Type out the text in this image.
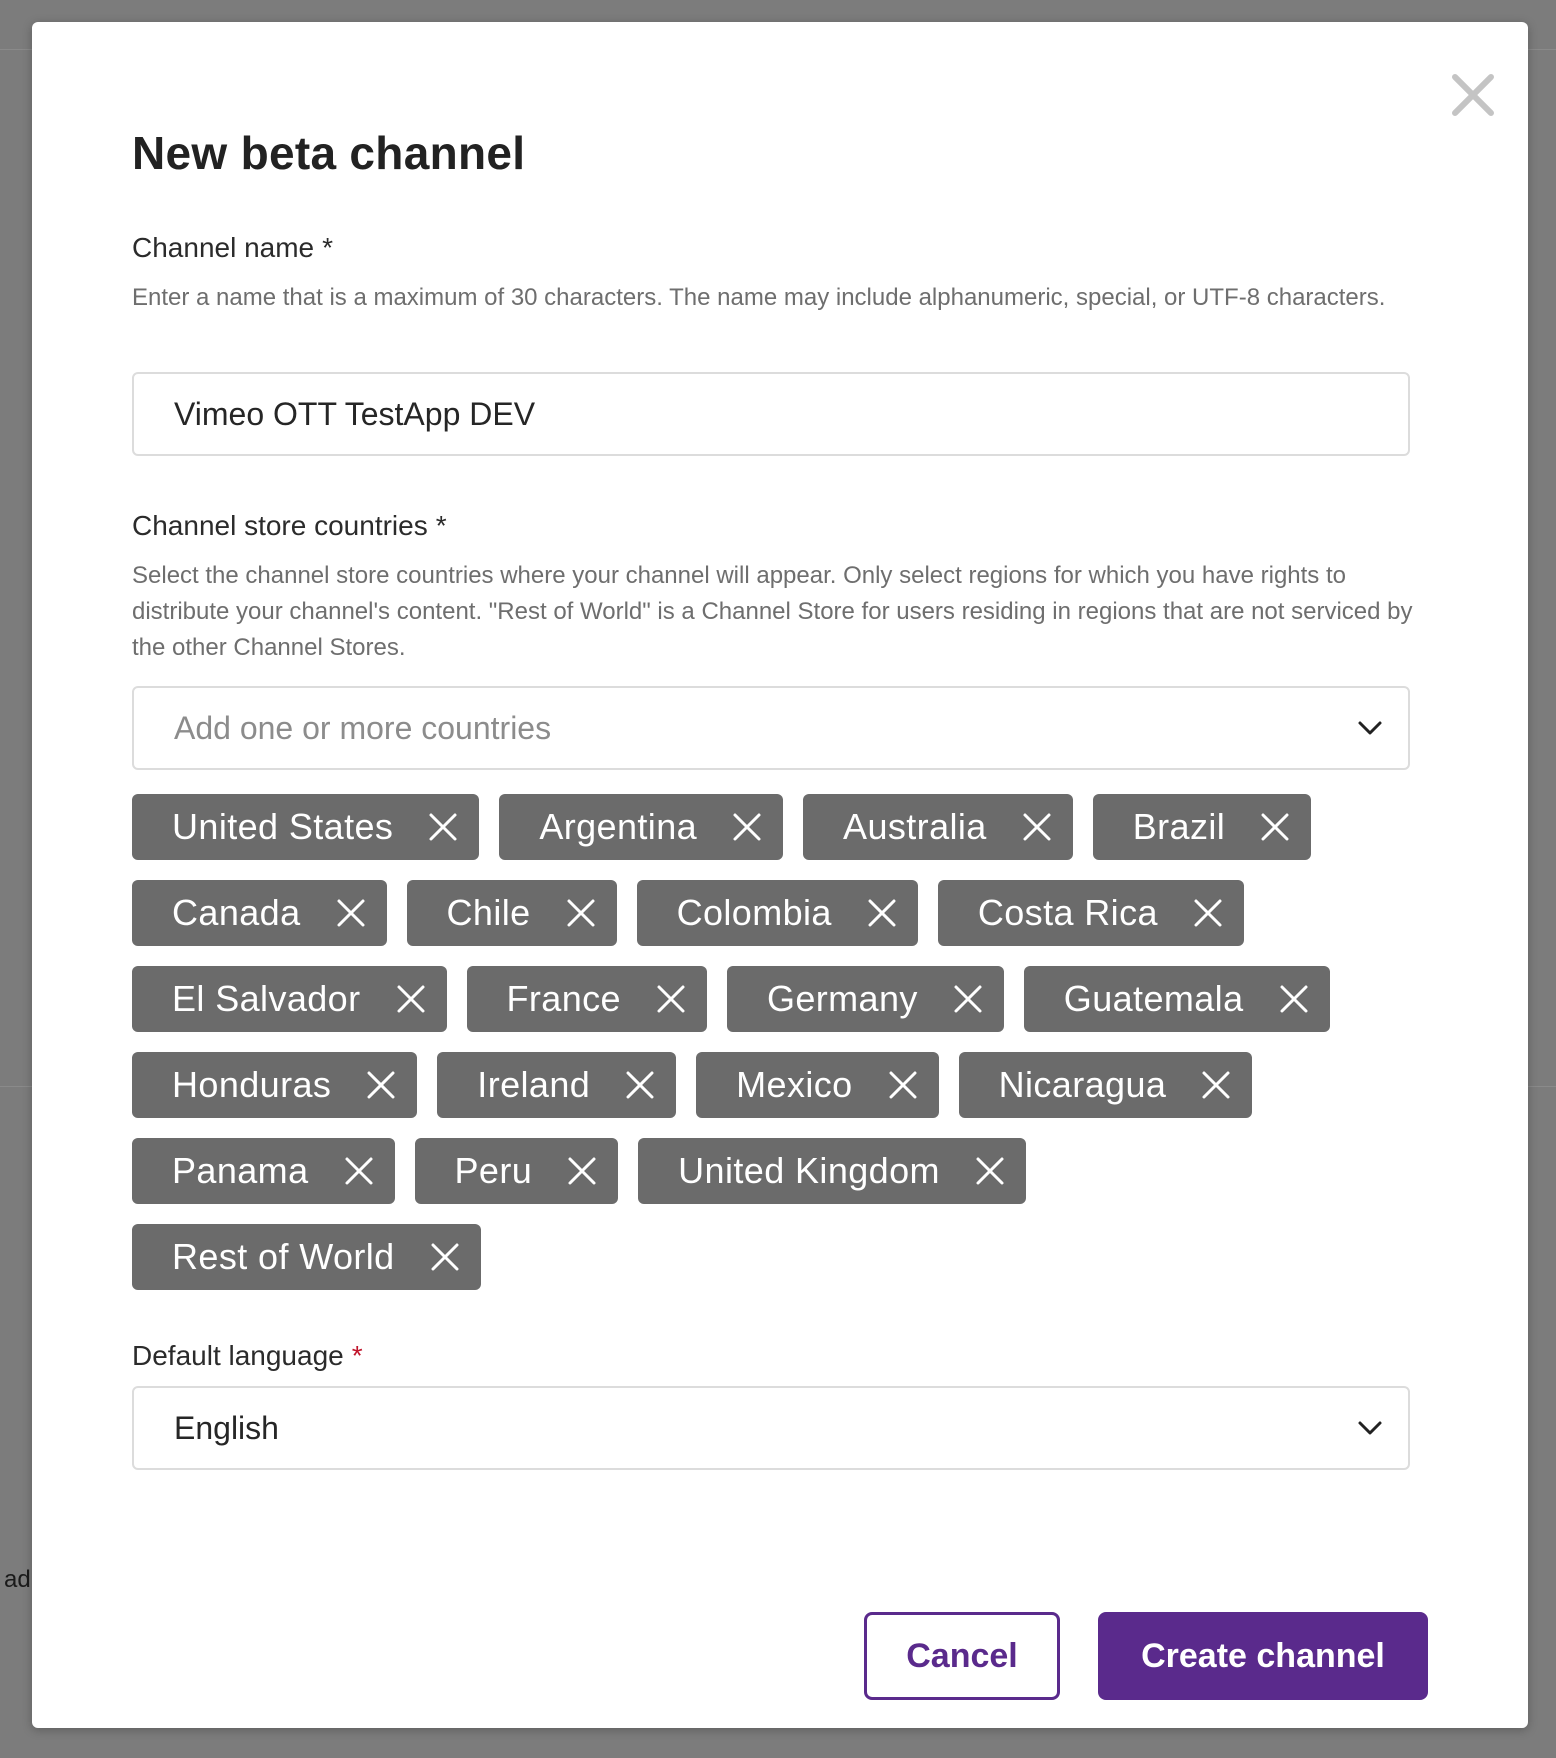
ad
New beta channel
Channel name *
Enter a name that is a maximum of 30 characters. The name may include alphanumeric, special, or UTF-8 characters.
Vimeo OTT TestApp DEV
Channel store countries *
Select the channel store countries where your channel will appear. Only select regions for which you have rights to distribute your channel's content. "Rest of World" is a Channel Store for users residing in regions that are not serviced by the other Channel Stores.
Add one or more countries
United States	Argentina	Australia	Brazil
Canada	Chile	Colombia	Costa Rica
El Salvador	France	Germany	Guatemala
Honduras	Ireland	Mexico	Nicaragua
Panama	Peru	United Kingdom
Rest of World
Default language *
English
Cancel	Create channel
